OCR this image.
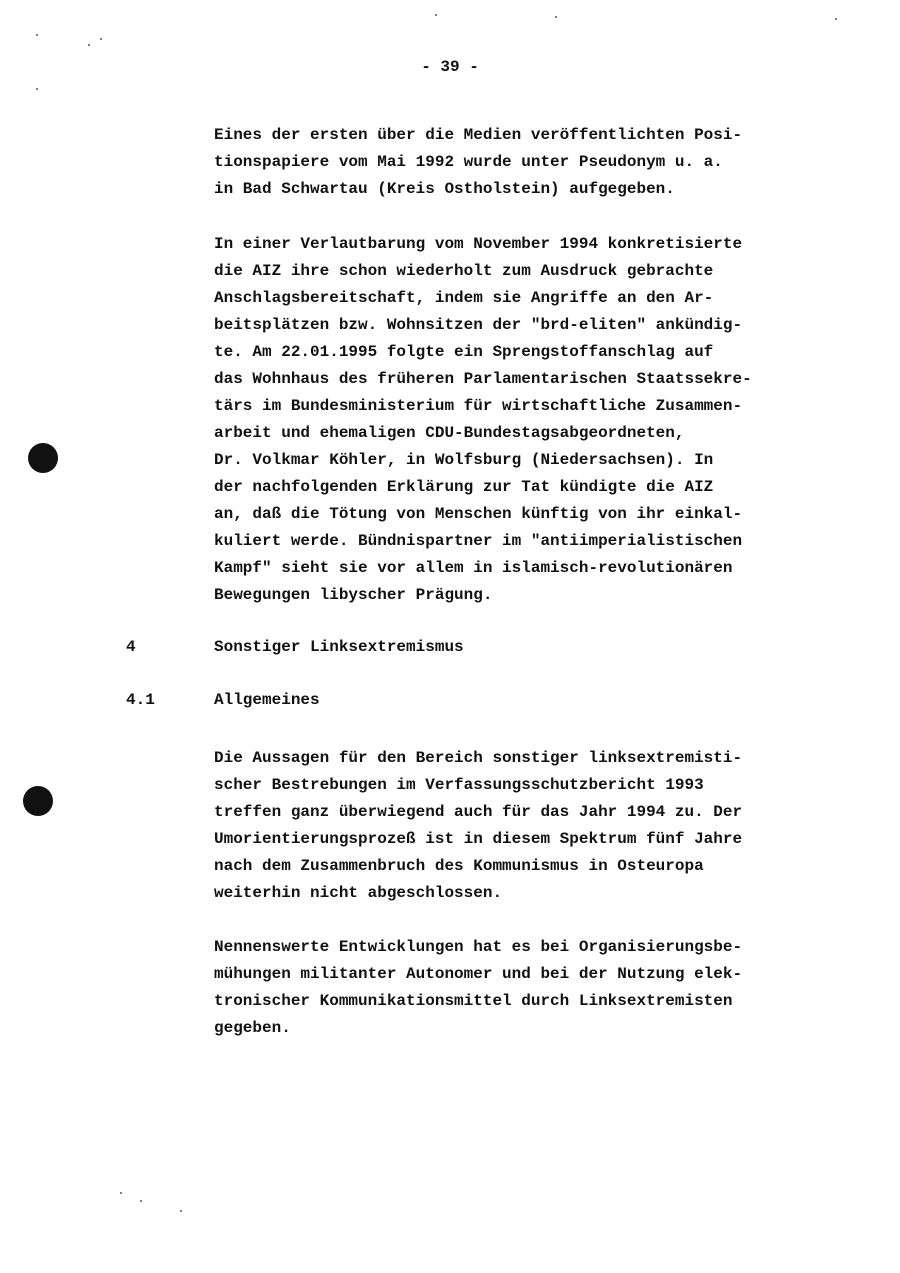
- 39 -

Eines der ersten über die Medien veröffentlichten Posi-
tionspapiere vom Mai 1992 wurde unter Pseudonym u. a.
in Bad Schwartau (Kreis Ostholstein) aufgegeben.

In einer Verlautbarung vom November 1994 konkretisierte
die AIZ ihre schon wiederholt zum Ausdruck gebrachte
Anschlagsbereitschaft, indem sie Angriffe an den Ar-
beitsplätzen bzw. Wohnsitzen der "brd-eliten" ankündig-
te. Am 22.01.1995 folgte ein Sprengstoffanschlag auf
das Wohnhaus des früheren Parlamentarischen Staatssekre-
tärs im Bundesministerium für wirtschaftliche Zusammen-
arbeit und ehemaligen CDU-Bundestagsabgeordneten,
Dr. Volkmar Köhler, in Wolfsburg (Niedersachsen). In
der nachfolgenden Erklärung zur Tat kündigte die AIZ
an, daß die Tötung von Menschen künftig von ihr einkal-
kuliert werde. Bündnispartner im "antiimperialistischen
Kampf" sieht sie vor allem in islamisch-revolutionären
Bewegungen libyscher Prägung.

4	Sonstiger Linksextremismus
4.1	Allgemeines

Die Aussagen für den Bereich sonstiger linksextremisti-
scher Bestrebungen im Verfassungsschutzbericht 1993
treffen ganz überwiegend auch für das Jahr 1994 zu. Der
Umorientierungsprozeß ist in diesem Spektrum fünf Jahre
nach dem Zusammenbruch des Kommunismus in Osteuropa
weiterhin nicht abgeschlossen.

Nennenswerte Entwicklungen hat es bei Organisierungsbe-
mühungen militanter Autonomer und bei der Nutzung elek-
tronischer Kommunikationsmittel durch Linksextremisten
gegeben.
